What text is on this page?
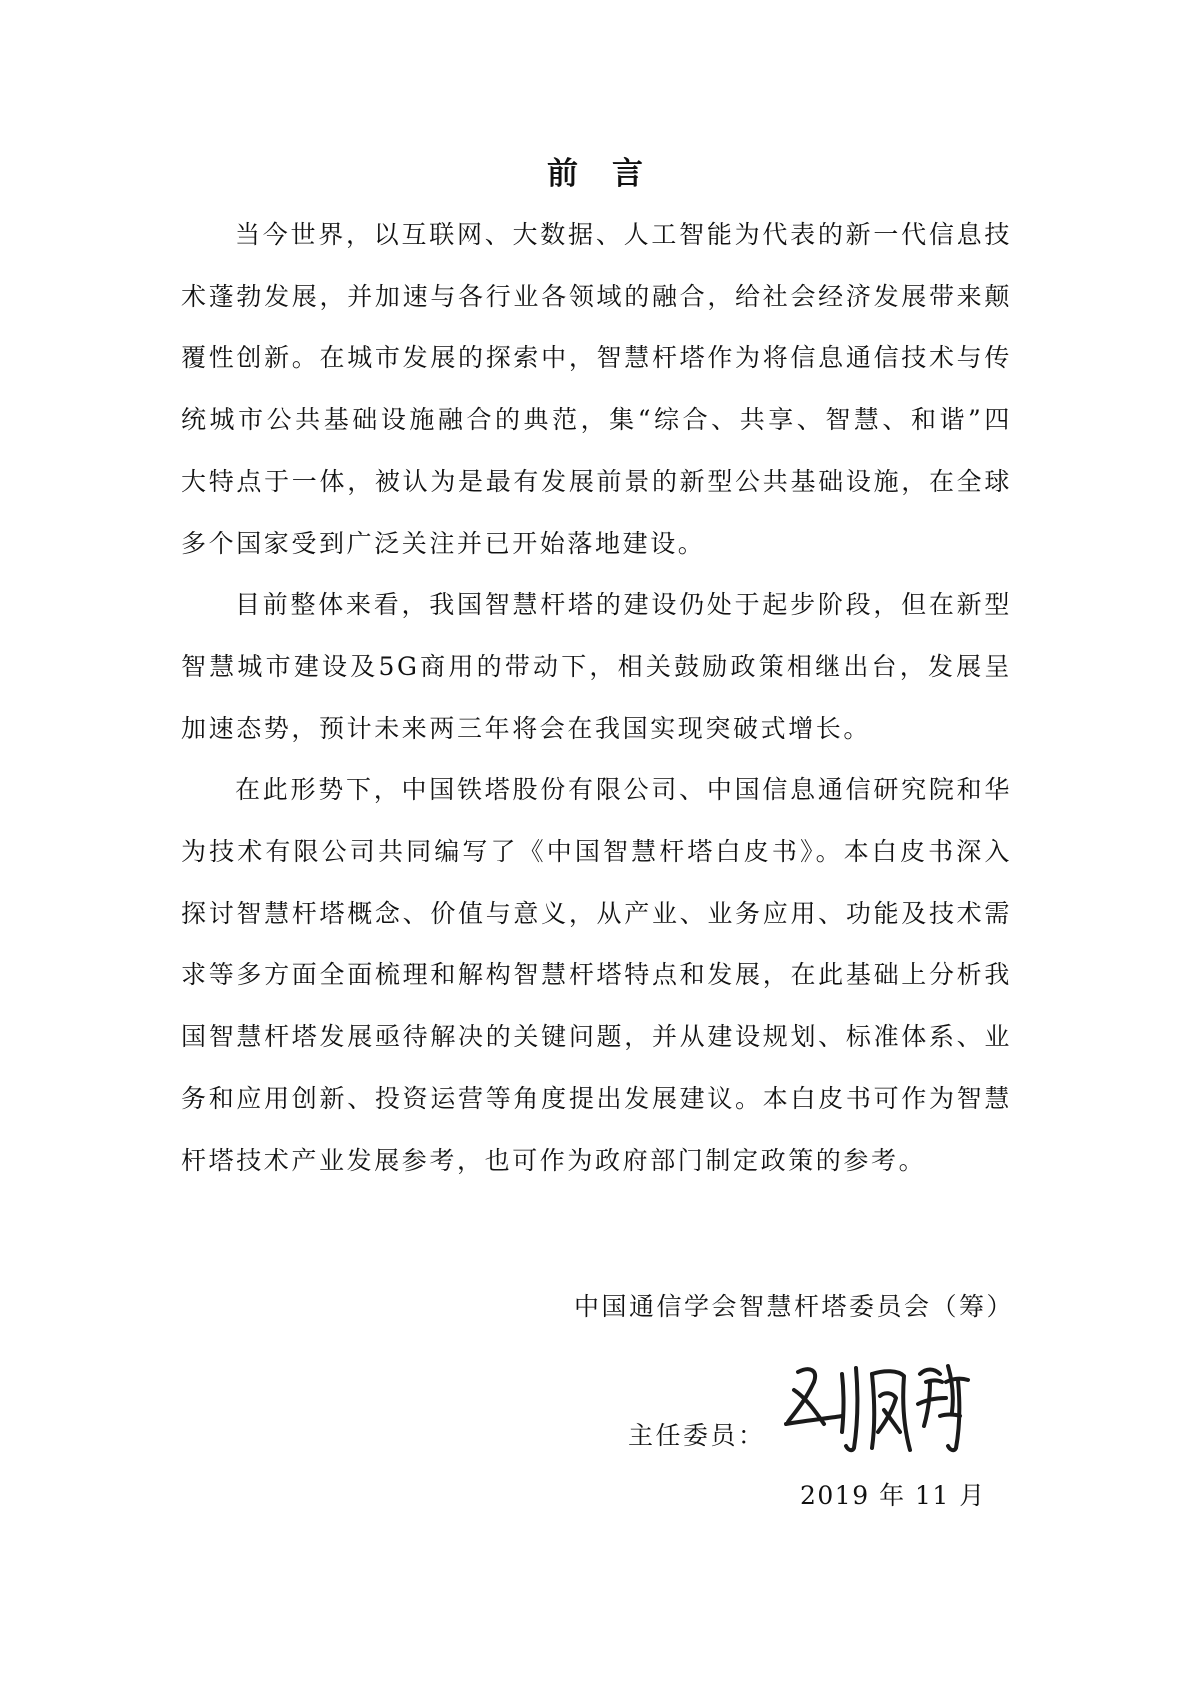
前言

当今世界，以互联网、大数据、人工智能为代表的新一代信息技术蓬勃发展，并加速与各行业各领域的融合，给社会经济发展带来颠覆性创新。在城市发展的探索中，智慧杆塔作为将信息通信技术与传统城市公共基础设施融合的典范，集“综合、共享、智慧、和谐”四大特点于一体，被认为是最有发展前景的新型公共基础设施，在全球多个国家受到广泛关注并已开始落地建设。

目前整体来看，我国智慧杆塔的建设仍处于起步阶段，但在新型智慧城市建设及5G商用的带动下，相关鼓励政策相继出台，发展呈加速态势，预计未来两三年将会在我国实现突破式增长。

在此形势下，中国铁塔股份有限公司、中国信息通信研究院和华为技术有限公司共同编写了《中国智慧杆塔白皮书》。本白皮书深入探讨智慧杆塔概念、价值与意义，从产业、业务应用、功能及技术需求等多方面全面梳理和解构智慧杆塔特点和发展，在此基础上分析我国智慧杆塔发展亟待解决的关键问题，并从建设规划、标准体系、业务和应用创新、投资运营等角度提出发展建议。本白皮书可作为智慧杆塔技术产业发展参考，也可作为政府部门制定政策的参考。

中国通信学会智慧杆塔委员会（筹）
主任委员：
2019 年 11 月
